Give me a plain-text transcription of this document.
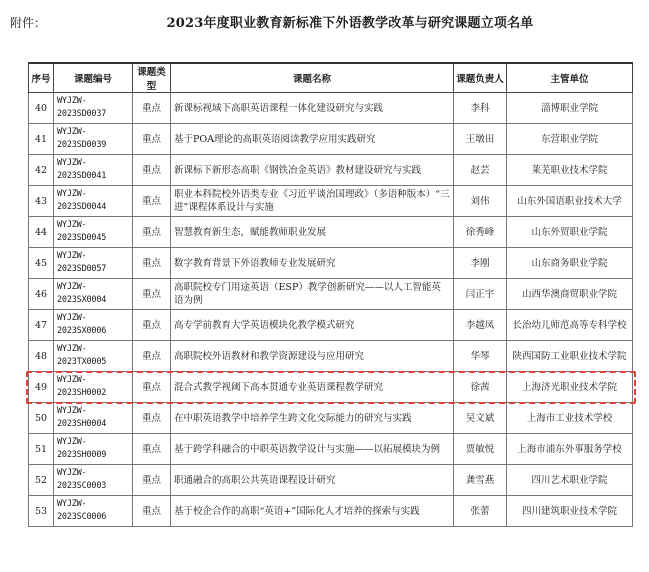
附件：	2023年度职业教育新标准下外语教学改革与研究课题立项名单
序号	课题编号	课题类型	课题名称	课题负责人	主管单位
40	WYJZW-2023SD0037	重点	新课标视域下高职英语课程一体化建设研究与实践	李科	淄博职业学院
41	WYJZW-2023SD0039	重点	基于POA理论的高职英语阅读教学应用实践研究	王墩田	东营职业学院
42	WYJZW-2023SD0041	重点	新课标下新形态高职《钢铁冶金英语》教材建设研究与实践	赵芸	莱芜职业技术学院
43	WYJZW-2023SD0044	重点	职业本科院校外语类专业《习近平谈治国理政》（多语种版本）“三进”课程体系设计与实施	刘伟	山东外国语职业技术大学
44	WYJZW-2023SD0045	重点	智慧教育新生态，赋能教师职业发展	徐秀峰	山东外贸职业学院
45	WYJZW-2023SD0057	重点	数字教育背景下外语教师专业发展研究	李刚	山东商务职业学院
46	WYJZW-2023SX0004	重点	高职院校专门用途英语（ESP）教学创新研究——以人工智能英语为例	闫正宇	山西华澳商贸职业学院
47	WYJZW-2023SX0006	重点	高专学前教育大学英语模块化教学模式研究	李越凤	长治幼儿师范高等专科学校
48	WYJZW-2023TX0005	重点	高职院校外语教材和教学资源建设与应用研究	华琴	陕西国防工业职业技术学院
49	WYJZW-2023SH0002	重点	混合式教学视阈下高本贯通专业英语课程教学研究	徐茜	上海济光职业技术学院
50	WYJZW-2023SH0004	重点	在中职英语教学中培养学生跨文化交际能力的研究与实践	吴文斌	上海市工业技术学校
51	WYJZW-2023SH0009	重点	基于跨学科融合的中职英语教学设计与实施——以拓展模块为例	贾敏悦	上海市浦东外事服务学校
52	WYJZW-2023SC0003	重点	职通融合的高职公共英语课程设计研究	龚雪燕	四川艺术职业学院
53	WYJZW-2023SC0006	重点	基于校企合作的高职“英语+”国际化人才培养的探索与实践	张蕾	四川建筑职业技术学院
